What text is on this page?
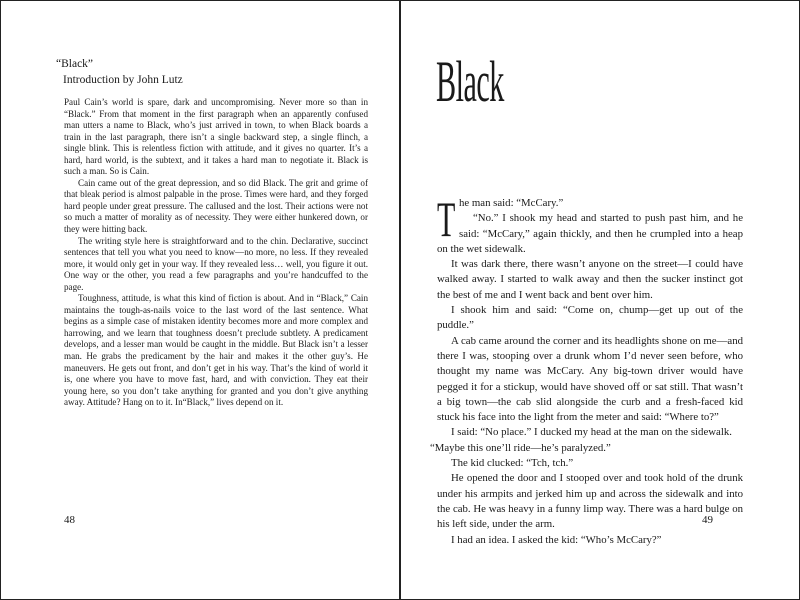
“Black”
Introduction by John Lutz

Paul Cain’s world is spare, dark and uncompromising. Never more so than in “Black.” From that moment in the first paragraph when an apparently confused man utters a name to Black, who’s just arrived in town, to when Black boards a train in the last paragraph, there isn’t a single backward step, a single flinch, a single blink. This is relentless fiction with attitude, and it gives no quarter. It’s a hard, hard world, is the subtext, and it takes a hard man to negotiate it. Black is such a man. So is Cain.

Cain came out of the great depression, and so did Black. The grit and grime of that bleak period is almost palpable in the prose. Times were hard, and they forged hard people under great pressure. The callused and the lost. Their actions were not so much a matter of morality as of necessity. They were either hunkered down, or they were hitting back.

The writing style here is straightforward and to the chin. Declarative, succinct sentences that tell you what you need to know—no more, no less. If they revealed more, it would only get in your way. If they revealed less… well, you figure it out. One way or the other, you read a few paragraphs and you’re handcuffed to the page.

Toughness, attitude, is what this kind of fiction is about. And in “Black,” Cain maintains the tough-as-nails voice to the last word of the last sentence. What begins as a simple case of mistaken identity becomes more and more complex and harrowing, and we learn that toughness doesn’t preclude subtlety. A predicament develops, and a lesser man would be caught in the middle. But Black isn’t a lesser man. He grabs the predicament by the hair and makes it the other guy’s. He maneuvers. He gets out front, and don’t get in his way. That’s the kind of world it is, one where you have to move fast, hard, and with conviction. They eat their young here, so you don’t take anything for granted and you don’t give anything away. Attitude? Hang on to it. In“Black,” lives depend on it.

48
Black

The man said: “McCary.”

“No.” I shook my head and started to push past him, and he said: “McCary,” again thickly, and then he crumpled into a heap on the wet sidewalk.

It was dark there, there wasn’t anyone on the street—I could have walked away. I started to walk away and then the sucker instinct got the best of me and I went back and bent over him.

I shook him and said: “Come on, chump—get up out of the puddle.”

A cab came around the corner and its headlights shone on me—and there I was, stooping over a drunk whom I’d never seen before, who thought my name was McCary. Any big-town driver would have pegged it for a stickup, would have shoved off or sat still. That wasn’t a big town—the cab slid alongside the curb and a fresh-faced kid stuck his face into the light from the meter and said: “Where to?”

I said: “No place.” I ducked my head at the man on the sidewalk.

“Maybe this one’ll ride—he’s paralyzed.”

The kid clucked: “Tch, tch.”

He opened the door and I stooped over and took hold of the drunk under his armpits and jerked him up and across the sidewalk and into the cab. He was heavy in a funny limp way. There was a hard bulge on his left side, under the arm.

I had an idea. I asked the kid: “Who’s McCary?”

49
